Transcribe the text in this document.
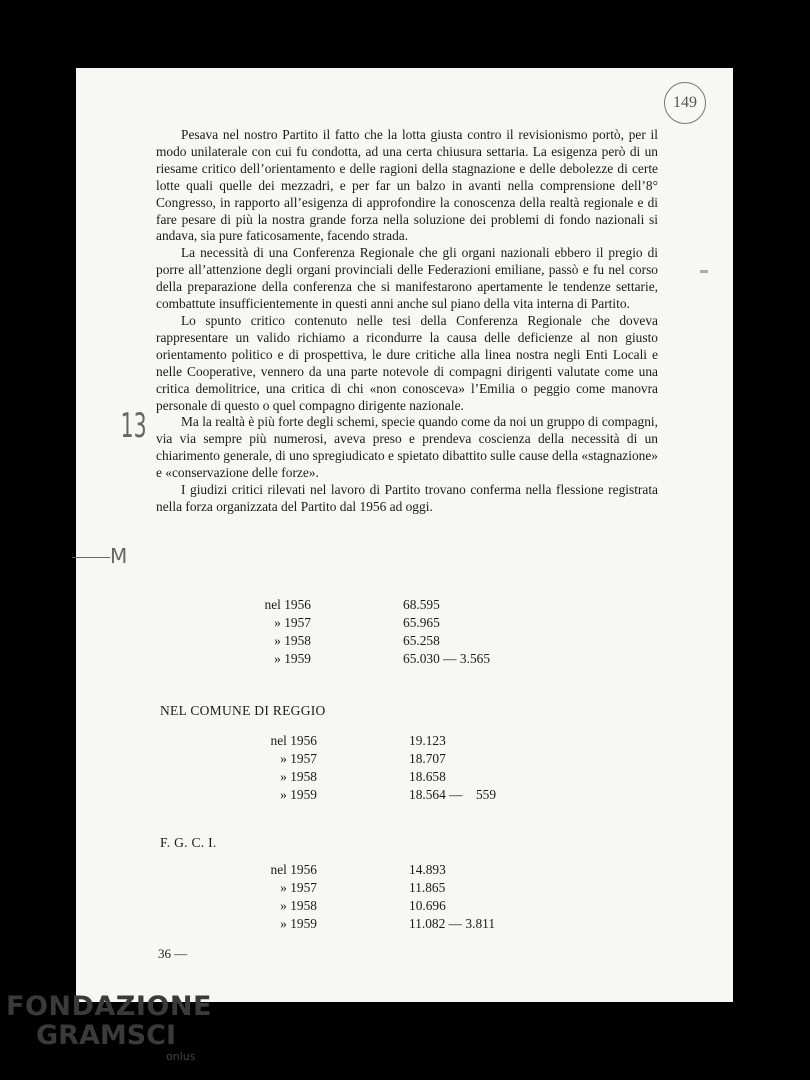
149
13
M

Pesava nel nostro Partito il fatto che la lotta giusta contro il revisionismo portò, per il modo unilaterale con cui fu condotta, ad una certa chiusura settaria. La esigenza però di un riesame critico dell’orientamento e delle ragioni della stagnazione e delle debolezze di certe lotte quali quelle dei mezzadri, e per far un balzo in avanti nella comprensione dell’8° Congresso, in rapporto all’esigenza di approfondire la conoscenza della realtà regionale e di fare pesare di più la nostra grande forza nella soluzione dei problemi di fondo nazionali si andava, sia pure faticosamente, facendo strada.

La necessità di una Conferenza Regionale che gli organi nazionali ebbero il pregio di porre all’attenzione degli organi provinciali delle Federazioni emiliane, passò e fu nel corso della preparazione della conferenza che si manifestarono apertamente le tendenze settarie, combattute insufficientemente in questi anni anche sul piano della vita interna di Partito.

Lo spunto critico contenuto nelle tesi della Conferenza Regionale che doveva rappresentare un valido richiamo a ricondurre la causa delle deficienze al non giusto orientamento politico e di prospettiva, le dure critiche alla linea nostra negli Enti Locali e nelle Cooperative, vennero da una parte notevole di compagni dirigenti valutate come una critica demolitrice, una critica di chi «non conosceva» l’Emilia o peggio come manovra personale di questo o quel compagno dirigente nazionale.

Ma la realtà è più forte degli schemi, specie quando come da noi un gruppo di compagni, via via sempre più numerosi, aveva preso e prendeva coscienza della necessità di un chiarimento generale, di uno spregiudicato e spietato dibattito sulle cause della «stagnazione» e «conservazione delle forze».

I giudizi critici rilevati nel lavoro di Partito trovano conferma nella flessione registrata nella forza organizzata del Partito dal 1956 ad oggi.

nel 1956	68.595
» 1957	65.965
» 1958	65.258
» 1959	65.030 — 3.565
NEL COMUNE DI REGGIO
nel 1956	19.123
» 1957	18.707
» 1958	18.658
» 1959	18.564 —    559
F. G. C. I.
nel 1956	14.893
» 1957	11.865
» 1958	10.696
» 1959	11.082 — 3.811
36 —
FONDAZIONE
GRAMSCI
onlus
